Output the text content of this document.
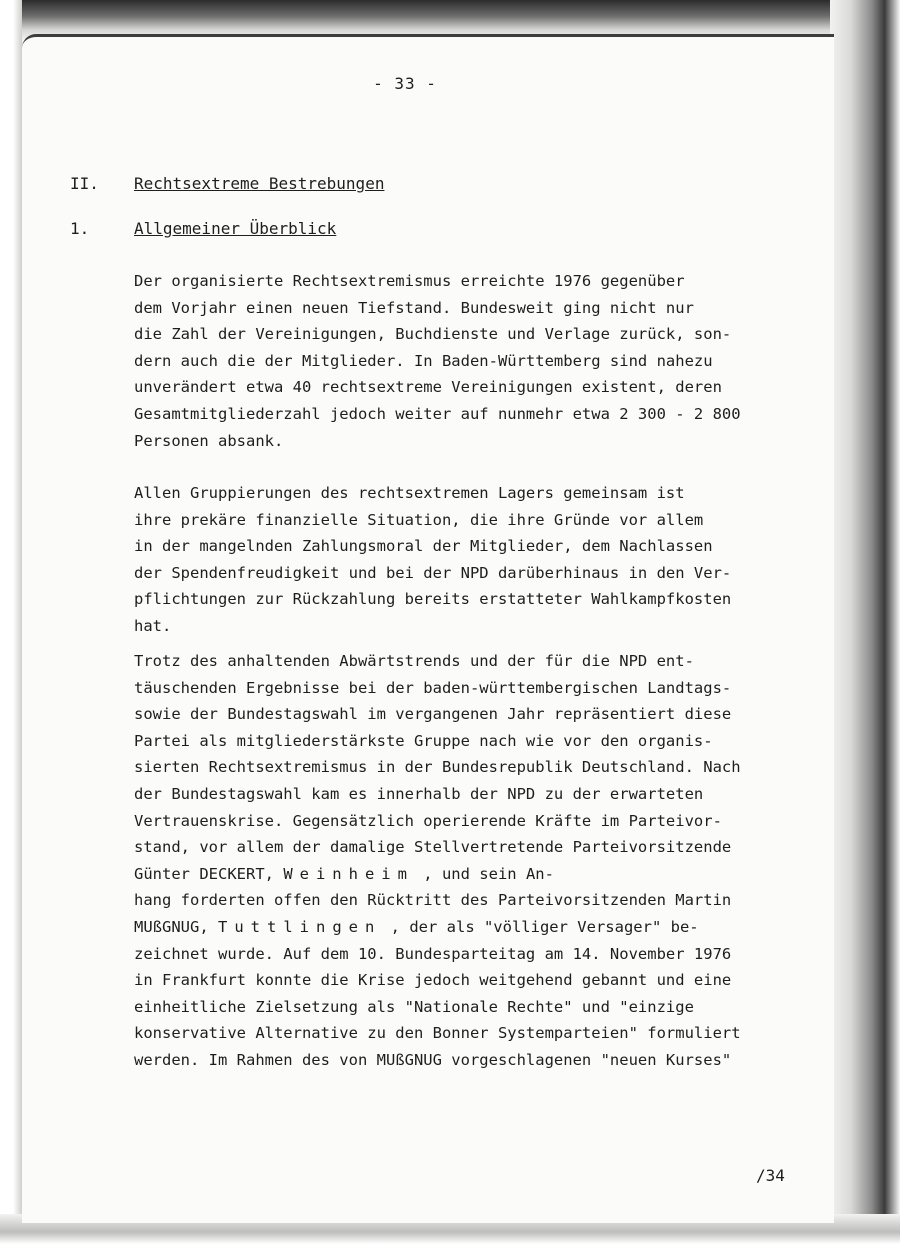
- 33 -
II. Rechtsextreme Bestrebungen
1.	Allgemeiner Überblick
Der organisierte Rechtsextremismus erreichte 1976 gegenüber
dem Vorjahr einen neuen Tiefstand. Bundesweit ging nicht nur
die Zahl der Vereinigungen, Buchdienste und Verlage zurück, son-
dern auch die der Mitglieder. In Baden-Württemberg sind nahezu
unverändert etwa 40 rechtsextreme Vereinigungen existent, deren
Gesamtmitgliederzahl jedoch weiter auf nunmehr etwa 2 300 - 2 800
Personen absank.
Allen Gruppierungen des rechtsextremen Lagers gemeinsam ist
ihre prekäre finanzielle Situation, die ihre Gründe vor allem
in der mangelnden Zahlungsmoral der Mitglieder, dem Nachlassen
der Spendenfreudigkeit und bei der NPD darüberhinaus in den Ver-
pflichtungen zur Rückzahlung bereits erstatteter Wahlkampfkosten
hat.
Trotz des anhaltenden Abwärtstrends und der für die NPD ent-
täuschenden Ergebnisse bei der baden-württembergischen Landtags-
sowie der Bundestagswahl im vergangenen Jahr repräsentiert diese
Partei als mitgliederstärkste Gruppe nach wie vor den organis-
sierten Rechtsextremismus in der Bundesrepublik Deutschland. Nach
der Bundestagswahl kam es innerhalb der NPD zu der erwarteten
Vertrauenskrise. Gegensätzlich operierende Kräfte im Parteivor-
stand, vor allem der damalige Stellvertretende Parteivorsitzende
Günter DECKERT, Weinheim , und sein An-
hang forderten offen den Rücktritt des Parteivorsitzenden Martin
MUßGNUG, Tuttlingen , der als "völliger Versager" be-
zeichnet wurde. Auf dem 10. Bundesparteitag am 14. November 1976
in Frankfurt konnte die Krise jedoch weitgehend gebannt und eine
einheitliche Zielsetzung als "Nationale Rechte" und "einzige
konservative Alternative zu den Bonner Systemparteien" formuliert
werden. Im Rahmen des von MUßGNUG vorgeschlagenen "neuen Kurses"
/34
